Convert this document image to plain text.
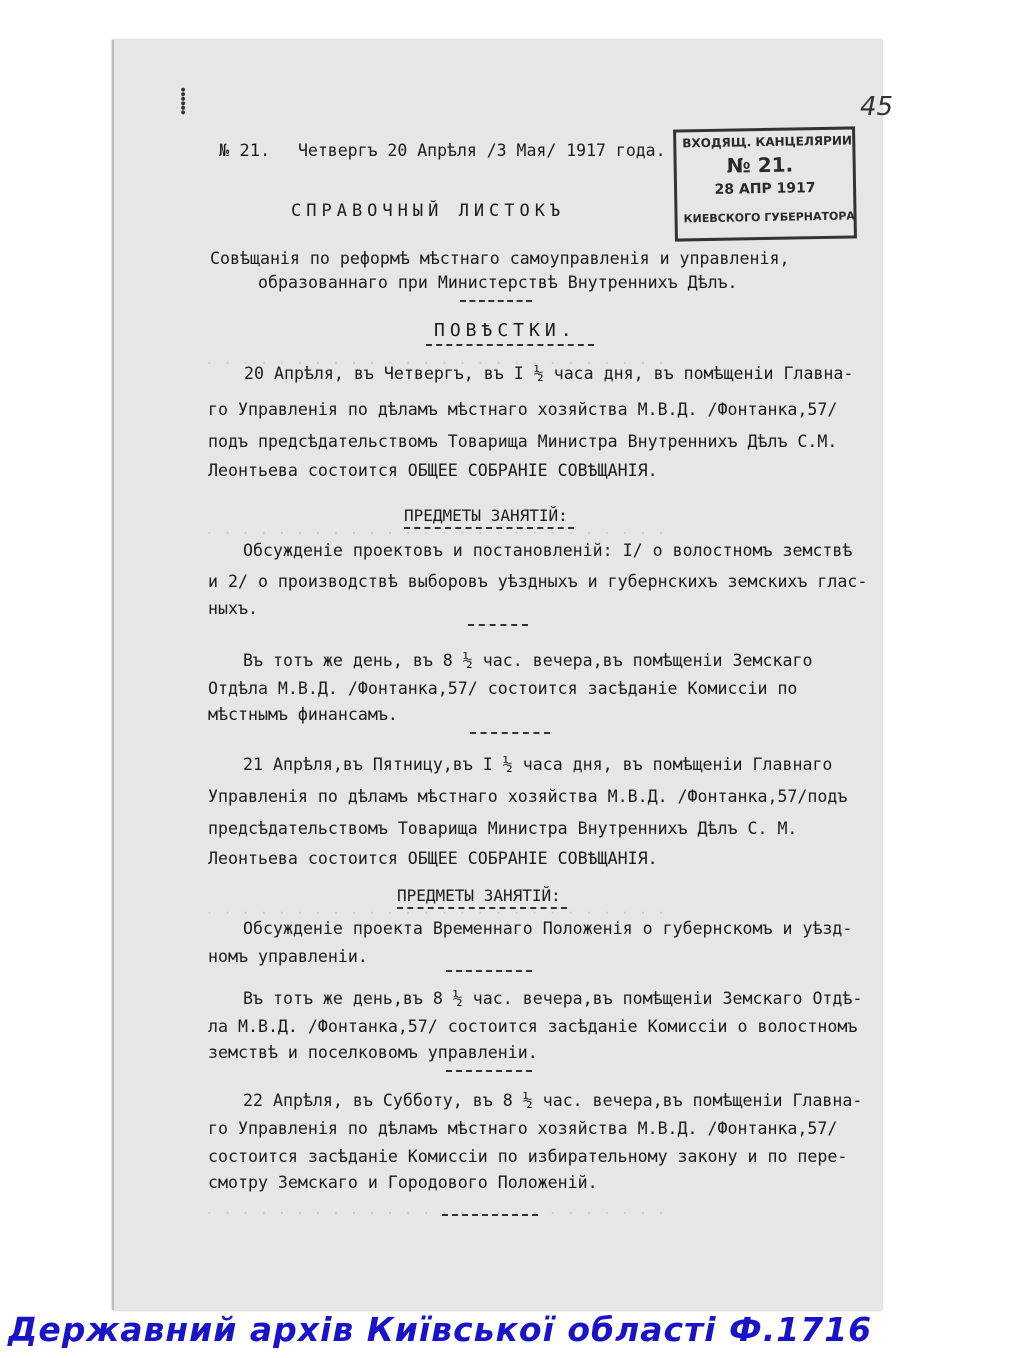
. . . . . . . . . . . . . . . . . . . . . . . . . .
. . . . . . . . . . . . . . . . . . . . . . . . . .
. . . . . . . . . . . . . . . . . . . . . . . . . .
. . . . . . . . . . . . . . . . . . . . . . . . . .
⸽	45
№ 21. Четвергъ 20 Апрѣля /3 Мая/ 1917 года. ВХОДЯЩ. КАНЦЕЛЯРИИ
№ 21.
28 АПР 1917
КИЕВСКОГО ГУБЕРНАТОРА
СПРАВОЧНЫЙ ЛИСТОКЪ
Совѣщанія по реформѣ мѣстнаго самоуправленія и управленія,
образованнаго при Министерствѣ Внутреннихъ Дѣлъ.
ПОВѢСТКИ.
20 Апрѣля, въ Четвергъ, въ I ½ часа дня, въ помѣщеніи Главна-
го Управленія по дѣламъ мѣстнаго хозяйства М.В.Д. /Фонтанка,57/
подъ предсѣдательствомъ Товарища Министра Внутреннихъ Дѣлъ С.М.
Леонтьева состоится ОБЩЕЕ СОБРАНІЕ СОВѢЩАНІЯ.
ПРЕДМЕТЫ ЗАНЯТІЙ:
Обсужденіе проектовъ и постановленій: I/ о волостномъ земствѣ
и 2/ о производствѣ выборовъ уѣздныхъ и губернскихъ земскихъ глас-
ныхъ.
Въ тотъ же день, въ 8 ½ час. вечера,въ помѣщеніи Земскаго
Отдѣла М.В.Д. /Фонтанка,57/ состоится засѣданіе Комиссіи по
мѣстнымъ финансамъ.
21 Апрѣля,въ Пятницу,въ I ½ часа дня, въ помѣщеніи Главнаго
Управленія по дѣламъ мѣстнаго хозяйства М.В.Д. /Фонтанка,57/подъ
предсѣдательствомъ Товарища Министра Внутреннихъ Дѣлъ С. М.
Леонтьева состоится ОБЩЕЕ СОБРАНІЕ СОВѢЩАНІЯ.
ПРЕДМЕТЫ ЗАНЯТІЙ:
Обсужденіе проекта Временнаго Положенія о губернскомъ и уѣзд-
номъ управленіи.
Въ тотъ же день,въ 8 ½ час. вечера,въ помѣщеніи Земскаго Отдѣ-
ла М.В.Д. /Фонтанка,57/ состоится засѣданіе Комиссіи о волостномъ
земствѣ и поселковомъ управленіи.
22 Апрѣля, въ Субботу, въ 8 ½ час. вечера,въ помѣщеніи Главна-
го Управленія по дѣламъ мѣстнаго хозяйства М.В.Д. /Фонтанка,57/
состоится засѣданіе Комиссіи по избирательному закону и по пере-
смотру Земскаго и Городового Положеній.
Державний архів Київської області Ф.1716
